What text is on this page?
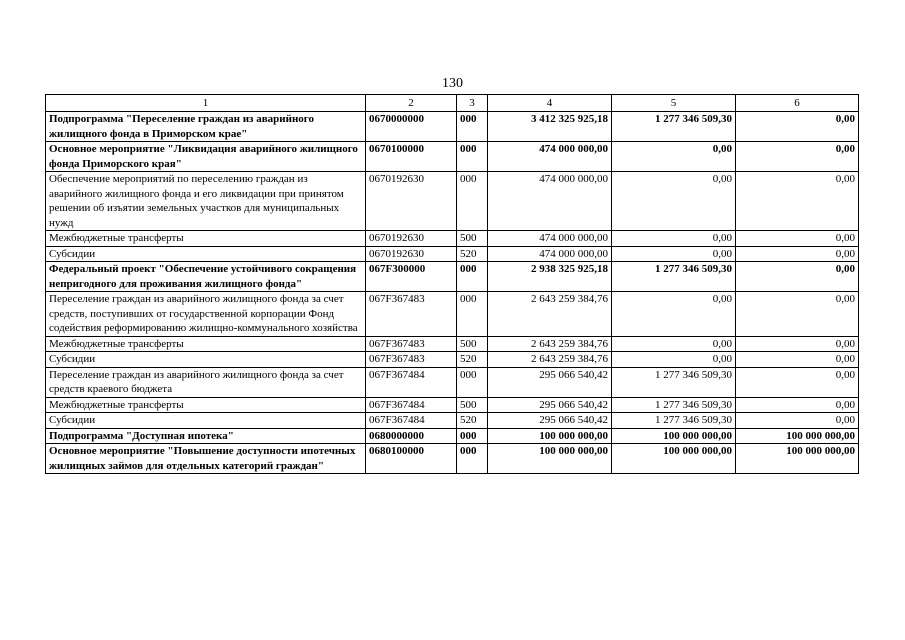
130
1	2	3	4	5	6
Подпрограмма "Переселение граждан из аварийного жилищного фонда в Приморском крае"	0670000000	000	3 412 325 925,18	1 277 346 509,30	0,00
Основное мероприятие "Ликвидация аварийного жилищного фонда Приморского края"	0670100000	000	474 000 000,00	0,00	0,00
Обеспечение мероприятий по переселению граждан из аварийного жилищного фонда и его ликвидации при принятом решении об изъятии земельных участков для муниципальных нужд	0670192630	000	474 000 000,00	0,00	0,00
Межбюджетные трансферты	0670192630	500	474 000 000,00	0,00	0,00
Субсидии	0670192630	520	474 000 000,00	0,00	0,00
Федеральный проект "Обеспечение устойчивого сокращения непригодного для проживания жилищного фонда"	067F300000	000	2 938 325 925,18	1 277 346 509,30	0,00
Переселение граждан из аварийного жилищного фонда за счет средств, поступивших от государственной корпорации Фонд содействия реформированию жилищно-коммунального хозяйства	067F367483	000	2 643 259 384,76	0,00	0,00
Межбюджетные трансферты	067F367483	500	2 643 259 384,76	0,00	0,00
Субсидии	067F367483	520	2 643 259 384,76	0,00	0,00
Переселение граждан из аварийного жилищного фонда за счет средств краевого бюджета	067F367484	000	295 066 540,42	1 277 346 509,30	0,00
Межбюджетные трансферты	067F367484	500	295 066 540,42	1 277 346 509,30	0,00
Субсидии	067F367484	520	295 066 540,42	1 277 346 509,30	0,00
Подпрограмма "Доступная ипотека"	0680000000	000	100 000 000,00	100 000 000,00	100 000 000,00
Основное мероприятие "Повышение доступности ипотечных жилищных займов для отдельных категорий граждан"	0680100000	000	100 000 000,00	100 000 000,00	100 000 000,00
